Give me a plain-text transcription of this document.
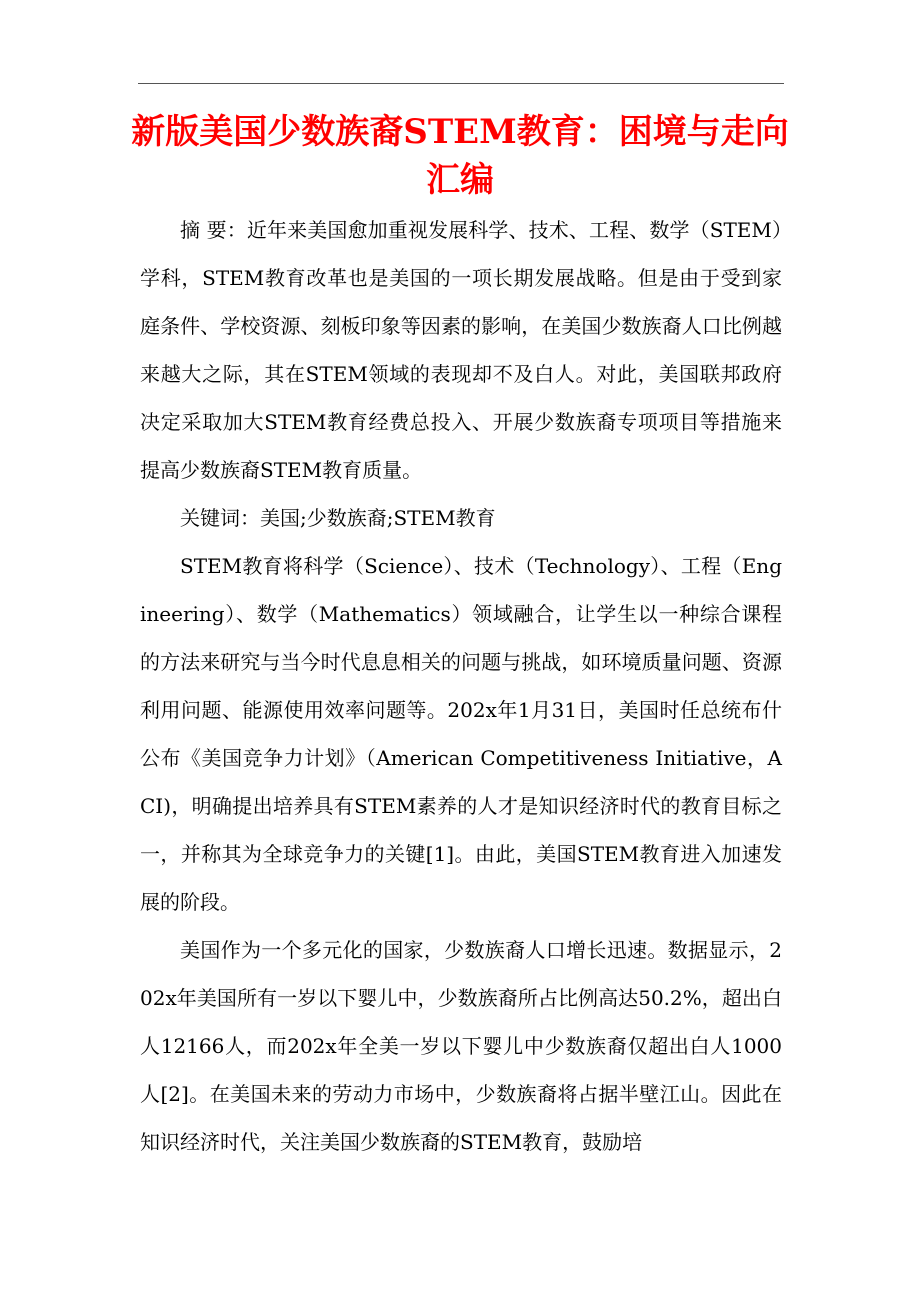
新版美国少数族裔STEM教育：困境与走向
汇编

摘 要：近年来美国愈加重视发展科学、技术、工程、数学（STEM）学科，STEM教育改革也是美国的一项长期发展战略。但是由于受到家庭条件、学校资源、刻板印象等因素的影响，在美国少数族裔人口比例越来越大之际，其在STEM领域的表现却不及白人。对此，美国联邦政府决定采取加大STEM教育经费总投入、开展少数族裔专项项目等措施来提高少数族裔STEM教育质量。

关键词：美国;少数族裔;STEM教育

STEM教育将科学（Science）、技术（Technology）、工程（Engineering）、数学（Mathematics）领域融合，让学生以一种综合课程的方法来研究与当今时代息息相关的问题与挑战，如环境质量问题、资源利用问题、能源使用效率问题等。202x年1月31日，美国时任总统布什公布《美国竞争力计划》（American Competitiveness Initiative，ACI)，明确提出培养具有STEM素养的人才是知识经济时代的教育目标之一，并称其为全球竞争力的关键[1]。由此，美国STEM教育进入加速发展的阶段。

美国作为一个多元化的国家，少数族裔人口增长迅速。数据显示，202x年美国所有一岁以下婴儿中，少数族裔所占比例高达50.2%，超出白人12166人，而202x年全美一岁以下婴儿中少数族裔仅超出白人1000人[2]。在美国未来的劳动力市场中，少数族裔将占据半壁江山。因此在知识经济时代，关注美国少数族裔的STEM教育，鼓励培
